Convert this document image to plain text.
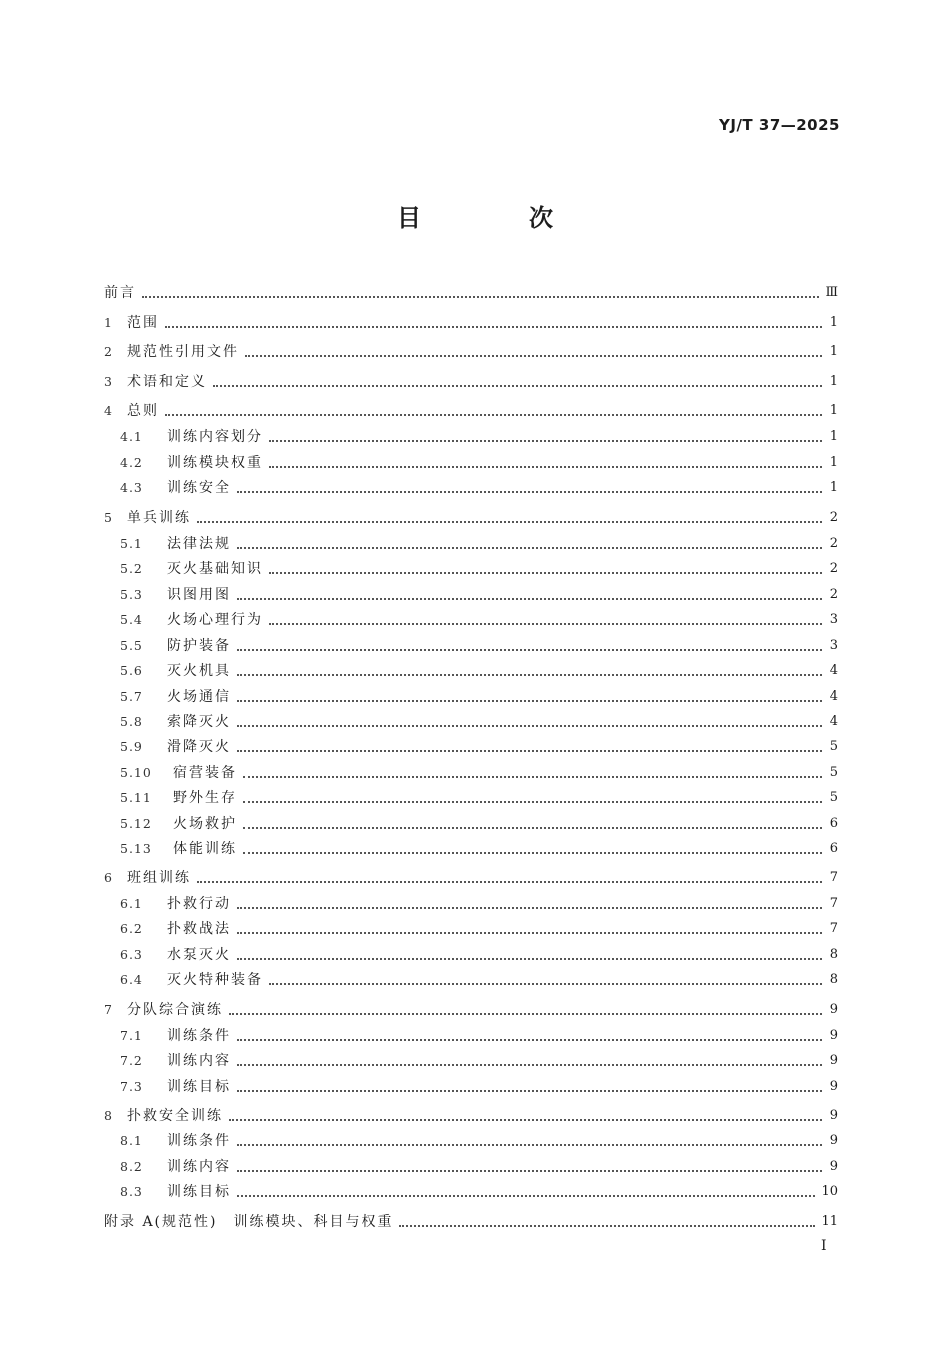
YJ/T 37—2025
目　次
前言	Ⅲ
1	范围	1
2	规范性引用文件	1
3	术语和定义	1
4	总则	1
4.1	训练内容划分	1
4.2	训练模块权重	1
4.3	训练安全	1
5	单兵训练	2
5.1	法律法规	2
5.2	灭火基础知识	2
5.3	识图用图	2
5.4	火场心理行为	3
5.5	防护装备	3
5.6	灭火机具	4
5.7	火场通信	4
5.8	索降灭火	4
5.9	滑降灭火	5
5.10	宿营装备	5
5.11	野外生存	5
5.12	火场救护	6
5.13	体能训练	6
6	班组训练	7
6.1	扑救行动	7
6.2	扑救战法	7
6.3	水泵灭火	8
6.4	灭火特种装备	8
7	分队综合演练	9
7.1	训练条件	9
7.2	训练内容	9
7.3	训练目标	9
8	扑救安全训练	9
8.1	训练条件	9
8.2	训练内容	9
8.3	训练目标	10
附录 A(规范性)　训练模块、科目与权重	11
Ⅰ
